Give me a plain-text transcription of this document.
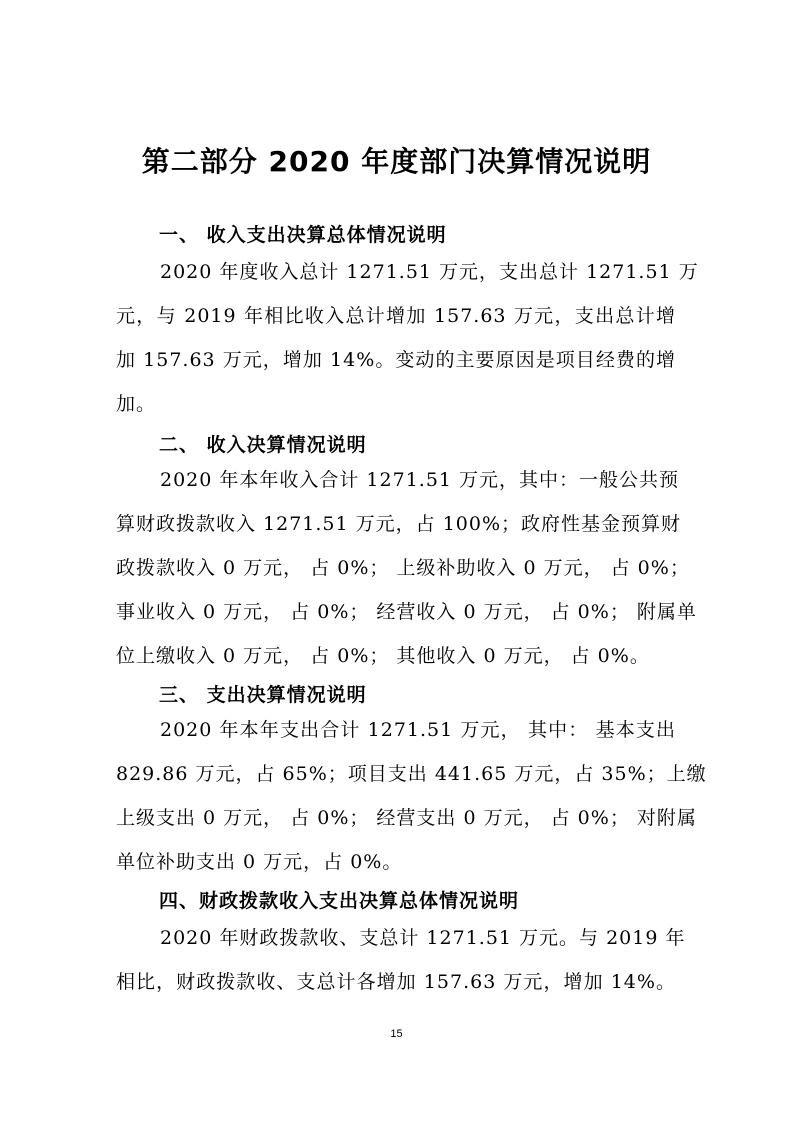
第二部分 2020 年度部门决算情况说明
一、 收入支出决算总体情况说明
2020 年度收入总计 1271.51 万元，支出总计 1271.51 万
元，与 2019 年相比收入总计增加 157.63 万元，支出总计增
加 157.63 万元，增加 14%。变动的主要原因是项目经费的增
加。
二、 收入决算情况说明
2020 年本年收入合计 1271.51 万元，其中：一般公共预
算财政拨款收入 1271.51 万元，占 100%；政府性基金预算财
政拨款收入 0 万元， 占 0%； 上级补助收入 0 万元， 占 0%；
事业收入 0 万元， 占 0%； 经营收入 0 万元， 占 0%； 附属单
位上缴收入 0 万元， 占 0%； 其他收入 0 万元， 占 0%。
三、 支出决算情况说明
2020 年本年支出合计 1271.51 万元， 其中： 基本支出
829.86 万元，占 65%；项目支出 441.65 万元，占 35%；上缴
上级支出 0 万元， 占 0%； 经营支出 0 万元， 占 0%； 对附属
单位补助支出 0 万元，占 0%。
四、财政拨款收入支出决算总体情况说明
2020 年财政拨款收、支总计 1271.51 万元。与 2019 年
相比，财政拨款收、支总计各增加 157.63 万元，增加 14%。
15
